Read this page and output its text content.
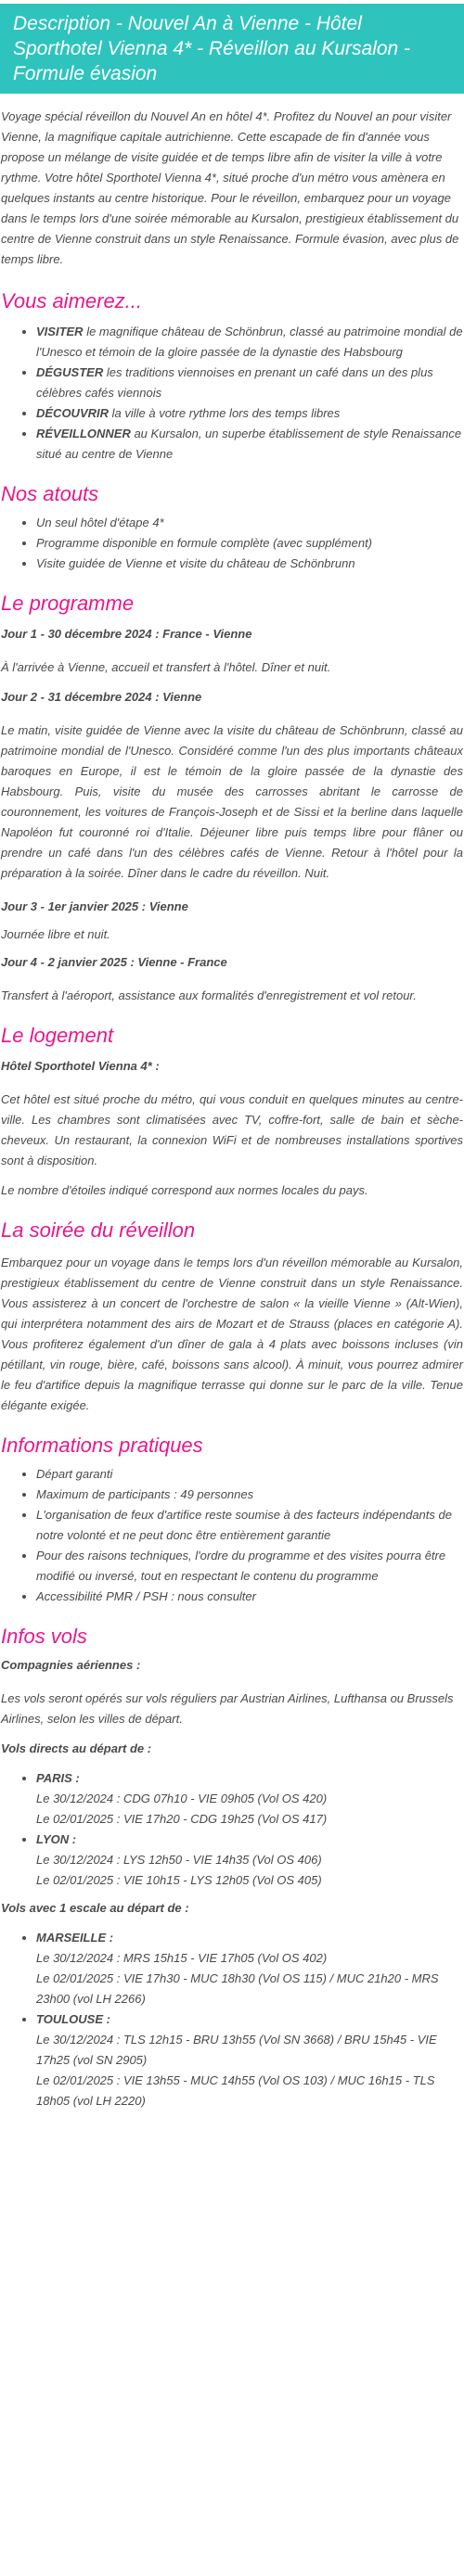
Description - Nouvel An à Vienne - Hôtel Sporthotel Vienna 4* - Réveillon au Kursalon - Formule évasion

Voyage spécial réveillon du Nouvel An en hôtel 4*. Profitez du Nouvel an pour visiter Vienne, la magnifique capitale autrichienne. Cette escapade de fin d'année vous propose un mélange de visite guidée et de temps libre afin de visiter la ville à votre rythme. Votre hôtel Sporthotel Vienna 4*, situé proche d'un métro vous amènera en quelques instants au centre historique. Pour le réveillon, embarquez pour un voyage dans le temps lors d'une soirée mémorable au Kursalon, prestigieux établissement du centre de Vienne construit dans un style Renaissance. Formule évasion, avec plus de temps libre.

Vous aimerez...
• VISITER le magnifique château de Schönbrun, classé au patrimoine mondial de l'Unesco et témoin de la gloire passée de la dynastie des Habsbourg
• DÉGUSTER les traditions viennoises en prenant un café dans un des plus célèbres cafés viennois
• DÉCOUVRIR la ville à votre rythme lors des temps libres
• RÉVEILLONNER au Kursalon, un superbe établissement de style Renaissance situé au centre de Vienne
Nos atouts
• Un seul hôtel d'étape 4*
• Programme disponible en formule complète (avec supplément)
• Visite guidée de Vienne et visite du château de Schönbrunn
Le programme

Jour 1 - 30 décembre 2024 : France - Vienne

À l'arrivée à Vienne, accueil et transfert à l'hôtel. Dîner et nuit.

Jour 2 - 31 décembre 2024 : Vienne

Le matin, visite guidée de Vienne avec la visite du château de Schönbrunn, classé au patrimoine mondial de l'Unesco. Considéré comme l'un des plus importants châteaux baroques en Europe, il est le témoin de la gloire passée de la dynastie des Habsbourg. Puis, visite du musée des carrosses abritant le carrosse de couronnement, les voitures de François-Joseph et de Sissi et la berline dans laquelle Napoléon fut couronné roi d'Italie. Déjeuner libre puis temps libre pour flâner ou prendre un café dans l'un des célèbres cafés de Vienne. Retour à l'hôtel pour la préparation à la soirée. Dîner dans le cadre du réveillon. Nuit.

Jour 3 - 1er janvier 2025 : Vienne

Journée libre et nuit.

Jour 4 - 2 janvier 2025 : Vienne - France

Transfert à l'aéroport, assistance aux formalités d'enregistrement et vol retour.

Le logement

Hôtel Sporthotel Vienna 4* :

Cet hôtel est situé proche du métro, qui vous conduit en quelques minutes au centre-ville. Les chambres sont climatisées avec TV, coffre-fort, salle de bain et sèche-cheveux. Un restaurant, la connexion WiFi et de nombreuses installations sportives sont à disposition.

Le nombre d'étoiles indiqué correspond aux normes locales du pays.

La soirée du réveillon

Embarquez pour un voyage dans le temps lors d'un réveillon mémorable au Kursalon, prestigieux établissement du centre de Vienne construit dans un style Renaissance. Vous assisterez à un concert de l'orchestre de salon « la vieille Vienne » (Alt-Wien), qui interprétera notamment des airs de Mozart et de Strauss (places en catégorie A). Vous profiterez également d'un dîner de gala à 4 plats avec boissons incluses (vin pétillant, vin rouge, bière, café, boissons sans alcool). À minuit, vous pourrez admirer le feu d'artifice depuis la magnifique terrasse qui donne sur le parc de la ville. Tenue élégante exigée.

Informations pratiques
• Départ garanti
• Maximum de participants : 49 personnes
• L'organisation de feux d'artifice reste soumise à des facteurs indépendants de notre volonté et ne peut donc être entièrement garantie
• Pour des raisons techniques, l'ordre du programme et des visites pourra être modifié ou inversé, tout en respectant le contenu du programme
• Accessibilité PMR / PSH : nous consulter
Infos vols

Compagnies aériennes :

Les vols seront opérés sur vols réguliers par Austrian Airlines, Lufthansa ou Brussels Airlines, selon les villes de départ.

Vols directs au départ de :

• PARIS :
Le 30/12/2024 : CDG 07h10 - VIE 09h05 (Vol OS 420)
Le 02/01/2025 : VIE 17h20 - CDG 19h25 (Vol OS 417)
• LYON :
Le 30/12/2024 : LYS 12h50 - VIE 14h35 (Vol OS 406)
Le 02/01/2025 : VIE 10h15 - LYS 12h05 (Vol OS 405)

Vols avec 1 escale au départ de :

• MARSEILLE :
Le 30/12/2024 : MRS 15h15 - VIE 17h05 (Vol OS 402)
Le 02/01/2025 : VIE 17h30 - MUC 18h30 (Vol OS 115) / MUC 21h20 - MRS 23h00 (vol LH 2266)
• TOULOUSE :
Le 30/12/2024 : TLS 12h15 - BRU 13h55 (Vol SN 3668) / BRU 15h45 - VIE 17h25 (vol SN 2905)
Le 02/01/2025 : VIE 13h55 - MUC 14h55 (Vol OS 103) / MUC 16h15 - TLS 18h05 (vol LH 2220)
